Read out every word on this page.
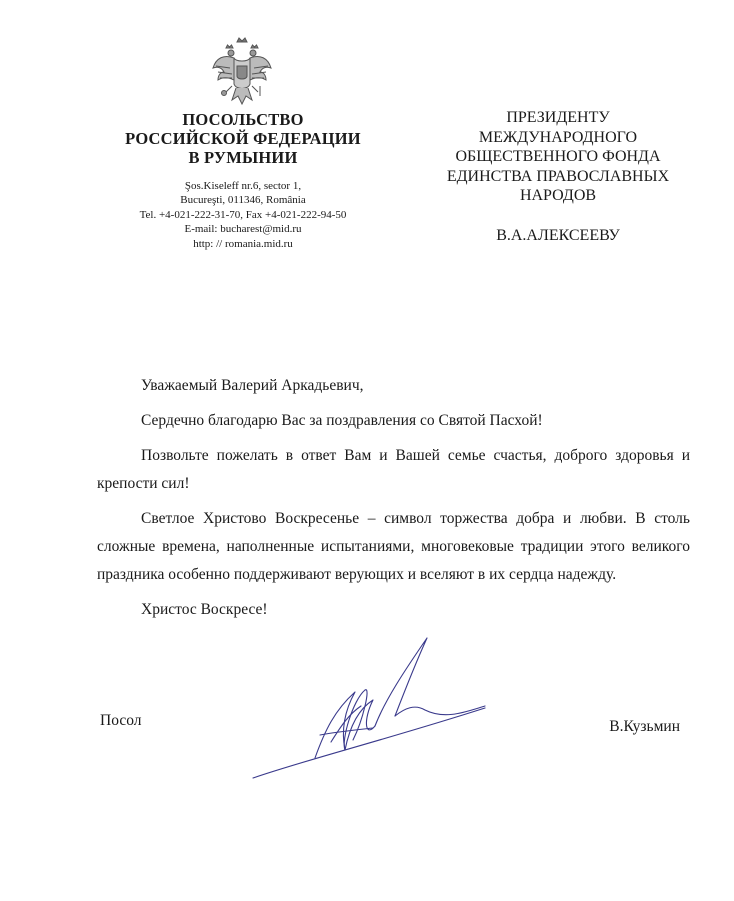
ПОСОЛЬСТВО
РОССИЙСКОЙ ФЕДЕРАЦИИ
В РУМЫНИИ
Şos.Kiseleff nr.6, sector 1,
Bucureşti, 011346, România
Tel. +4-021-222-31-70, Fax +4-021-222-94-50
E-mail: bucharest@mid.ru
http: // romania.mid.ru
ПРЕЗИДЕНТУ
МЕЖДУНАРОДНОГО
ОБЩЕСТВЕННОГО ФОНДА
ЕДИНСТВА ПРАВОСЛАВНЫХ
НАРОДОВ
В.А.АЛЕКСЕЕВУ

Уважаемый Валерий Аркадьевич,

Сердечно благодарю Вас за поздравления со Святой Пасхой!

Позвольте пожелать в ответ Вам и Вашей семье счастья, доброго здоровья и крепости сил!

Светлое Христово Воскресенье – символ торжества добра и любви. В столь сложные времена, наполненные испытаниями, многовековые традиции этого великого праздника особенно поддерживают верующих и вселяют в их сердца надежду.

Христос Воскресе!

Посол	В.Кузьмин
